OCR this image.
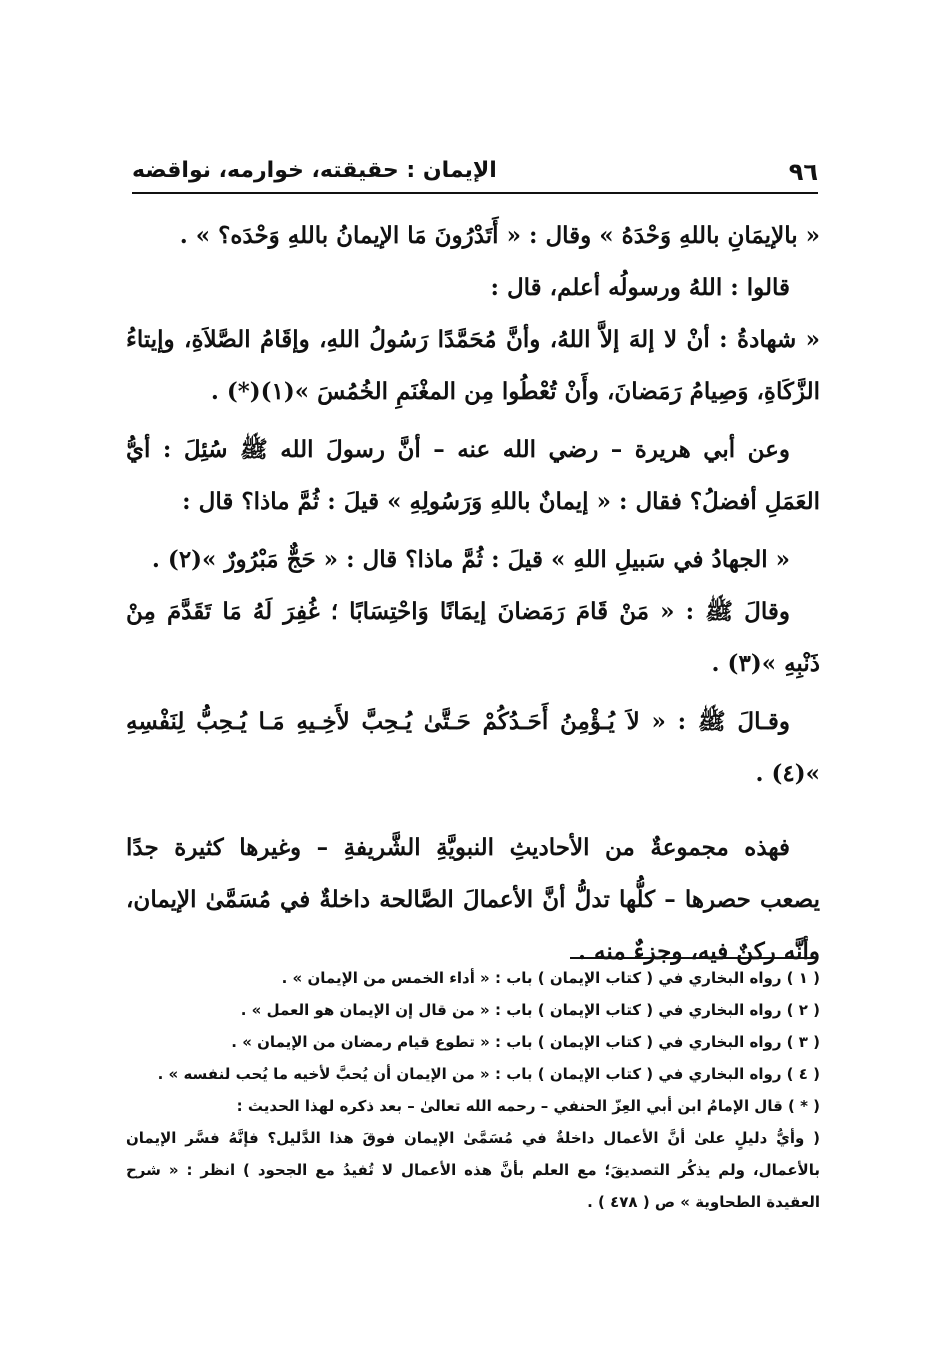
٩٦
الإيمان : حقيقته، خوارمه، نواقضه

« بالإيمَانِ باللهِ وَحْدَهُ » وقال : « أَتَدْرُونَ مَا الإيمانُ باللهِ وَحْدَه؟ » .

قالوا : اللهُ ورسولُه أعلم، قال :

« شهادةُ : أنْ لا إلهَ إلاَّ اللهُ، وأنَّ مُحَمَّدًا رَسُولُ اللهِ، وإقَامُ الصَّلاَةِ، وإيتاءُ الزَّكَاةِ، وَصِيامُ رَمَضانَ، وأَنْ تُعْطُوا مِن المغْنَمِ الخُمُسَ »(١)(*) .

وعن أبي هريرة – رضي الله عنه – أنَّ رسولَ الله ﷺ سُئِلَ : أيُّ العَمَلِ أفضلُ؟ فقال : « إيمانٌ باللهِ وَرَسُولِهِ » قيلَ : ثُمَّ ماذا؟ قال :

« الجهادُ في سَبيلِ اللهِ » قيلَ : ثُمَّ ماذا؟ قال : « حَجٌّ مَبْرُورٌ »(٢) .

وقالَ ﷺ : « مَنْ قَامَ رَمَضانَ إيمَانًا وَاحْتِسَابًا ؛ غُفِرَ لَهُ مَا تَقَدَّمَ مِنْ ذَنْبِهِ »(٣) .

وقـالَ ﷺ : « لاَ يُـؤْمِنُ أَحَـدُكُمْ حَـتَّىٰ يُـحِبَّ لأَخِـيهِ مَـا يُـحِبُّ لِنَفْسِهِ »(٤) .

فهذه مجموعةٌ من الأحاديثِ النبويَّةِ الشَّريفةِ – وغيرها كثيرة جدًا يصعب حصرها – كلُّها تدلُّ أنَّ الأعمالَ الصَّالحة داخلةٌ في مُسَمَّىٰ الإيمان، وأنَّه ركنٌ فيه، وجزءٌ منه .

( ١ ) رواه البخاري في ( كتاب الإيمان ) باب : « أداء الخمس من الإيمان » .

( ٢ ) رواه البخاري في ( كتاب الإيمان ) باب : « من قال إن الإيمان هو العمل » .

( ٣ ) رواه البخاري في ( كتاب الإيمان ) باب : « تطوع قيام رمضان من الإيمان » .

( ٤ ) رواه البخاري في ( كتاب الإيمان ) باب : « من الإيمان أن يُحبَّ لأخيه ما يُحب لنفسه » .

( * ) قال الإمامُ ابن أبي العِزّ الحنفي – رحمه الله تعالىٰ – بعد ذكره لهذا الحديث :

( وأيُّ دليلٍ علىٰ أنَّ الأعمال داخلةٌ في مُسَمَّىٰ الإيمان فوقَ هذا الدَّليل؟ فإنَّهُ فسَّر الإيمان بالأعمال، ولم يذكُر التصديقَ؛ مع العلم بأنَّ هذه الأعمال لا تُفيدُ مع الجحود ) انظر : « شرح العقيدة الطحاوية » ص ( ٤٧٨ ) .
